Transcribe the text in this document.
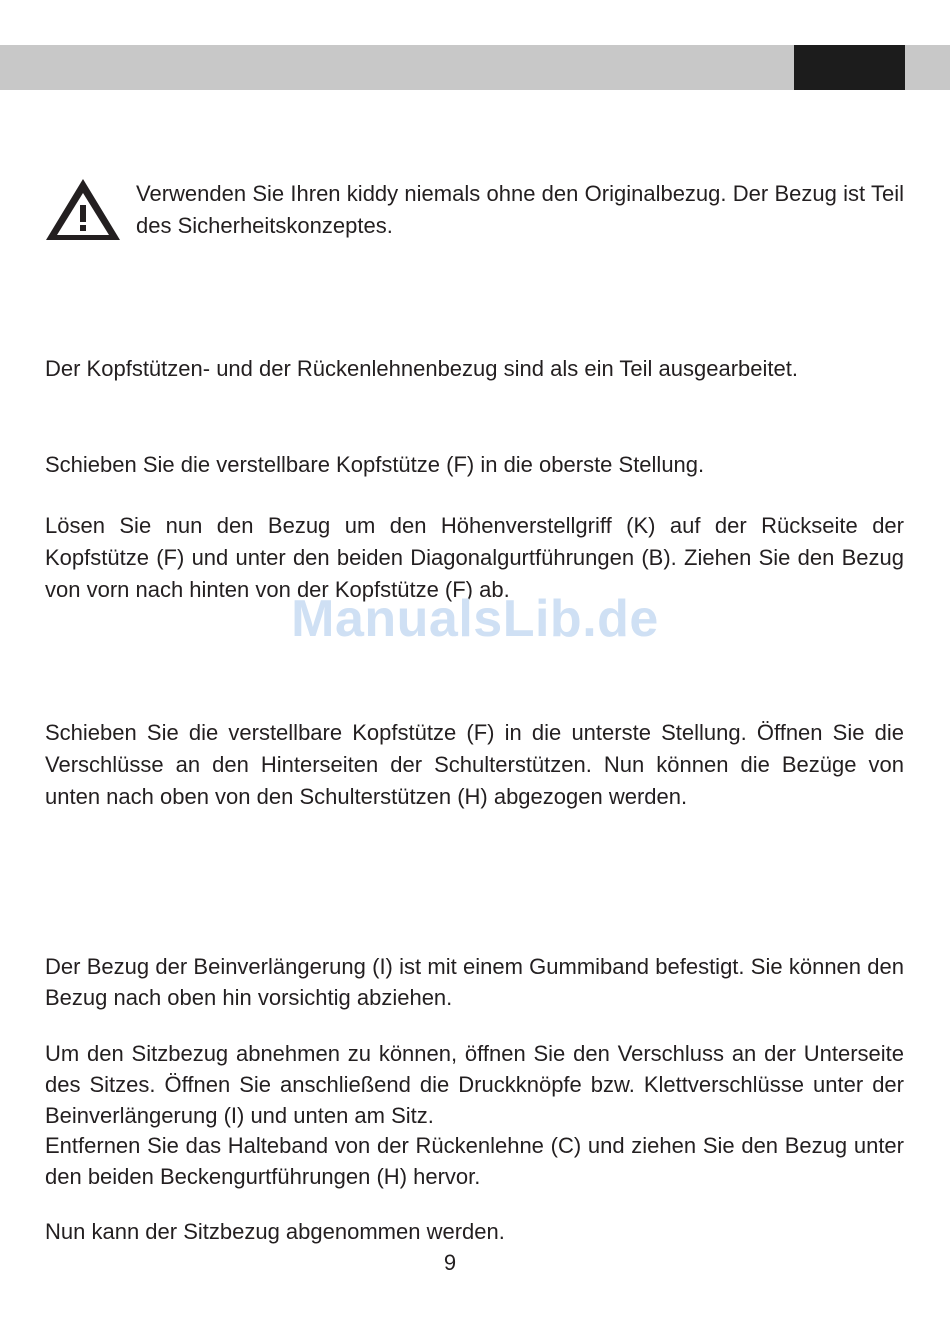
Verwenden Sie Ihren kiddy niemals ohne den Originalbezug. Der Bezug ist Teil des Sicherheitskonzeptes.

Der Kopfstützen- und der Rückenlehnenbezug sind als ein Teil ausgearbeitet.

Schieben Sie die verstellbare Kopfstütze (F) in die oberste Stellung.

Lösen Sie nun den Bezug um den Höhenverstellgriff (K) auf der Rückseite der Kopfstütze (F) und unter den beiden Diagonalgurtführungen (B). Ziehen Sie den Bezug von vorn nach hinten von der Kopfstütze (F) ab.

ManualsLib.de

Schieben Sie die verstellbare Kopfstütze (F) in die unterste Stellung. Öffnen Sie die Verschlüsse an den Hinterseiten der Schulterstützen. Nun können die Bezüge von unten nach oben von den Schulterstützen (H) abgezogen werden.

Der Bezug der Beinverlängerung (I) ist mit einem Gummiband befestigt. Sie können den Bezug nach oben hin vorsichtig abziehen.

Um den Sitzbezug abnehmen zu können, öffnen Sie den Verschluss an der Unterseite des Sitzes. Öffnen Sie anschließend die Druckknöpfe bzw. Klettverschlüsse unter der Beinverlängerung (I) und unten am Sitz.

Entfernen Sie das Halteband von der Rückenlehne (C) und ziehen Sie den Bezug unter den beiden Beckengurtführungen (H) hervor.

Nun kann der Sitzbezug abgenommen werden.

9
